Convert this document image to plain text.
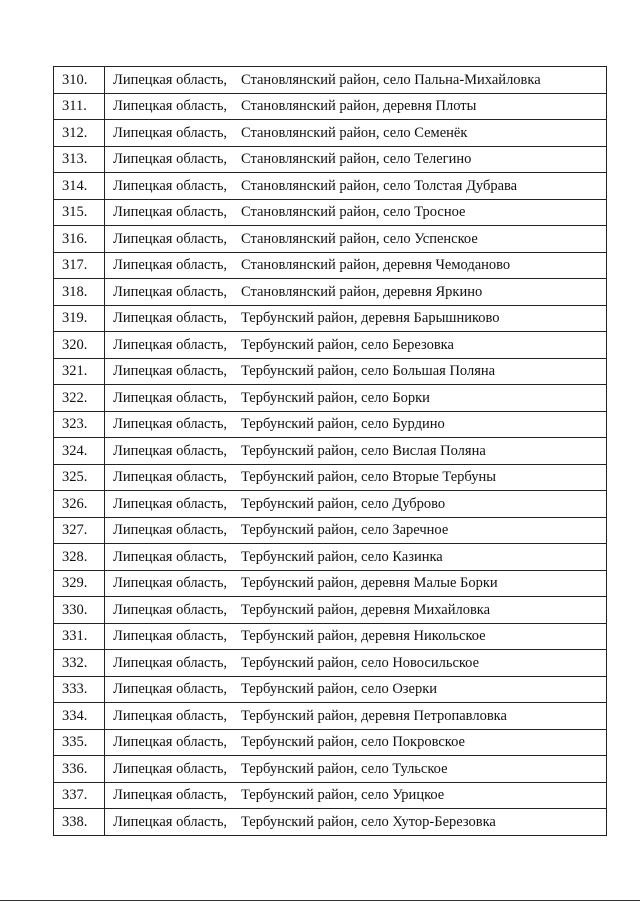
310.	Липецкая область, Становлянский район, село Пальна-Михайловка
311.	Липецкая область, Становлянский район, деревня Плоты
312.	Липецкая область, Становлянский район, село Семенёк
313.	Липецкая область, Становлянский район, село Телегино
314.	Липецкая область, Становлянский район, село Толстая Дубрава
315.	Липецкая область, Становлянский район, село Тросное
316.	Липецкая область, Становлянский район, село Успенское
317.	Липецкая область, Становлянский район, деревня Чемоданово
318.	Липецкая область, Становлянский район, деревня Яркино
319.	Липецкая область, Тербунский район, деревня Барышниково
320.	Липецкая область, Тербунский район, село Березовка
321.	Липецкая область, Тербунский район, село Большая Поляна
322.	Липецкая область, Тербунский район, село Борки
323.	Липецкая область, Тербунский район, село Бурдино
324.	Липецкая область, Тербунский район, село Вислая Поляна
325.	Липецкая область, Тербунский район, село Вторые Тербуны
326.	Липецкая область, Тербунский район, село Дуброво
327.	Липецкая область, Тербунский район, село Заречное
328.	Липецкая область, Тербунский район, село Казинка
329.	Липецкая область, Тербунский район, деревня Малые Борки
330.	Липецкая область, Тербунский район, деревня Михайловка
331.	Липецкая область, Тербунский район, деревня Никольское
332.	Липецкая область, Тербунский район, село Новосильское
333.	Липецкая область, Тербунский район, село Озерки
334.	Липецкая область, Тербунский район, деревня Петропавловка
335.	Липецкая область, Тербунский район, село Покровское
336.	Липецкая область, Тербунский район, село Тульское
337.	Липецкая область, Тербунский район, село Урицкое
338.	Липецкая область, Тербунский район, село Хутор-Березовка
